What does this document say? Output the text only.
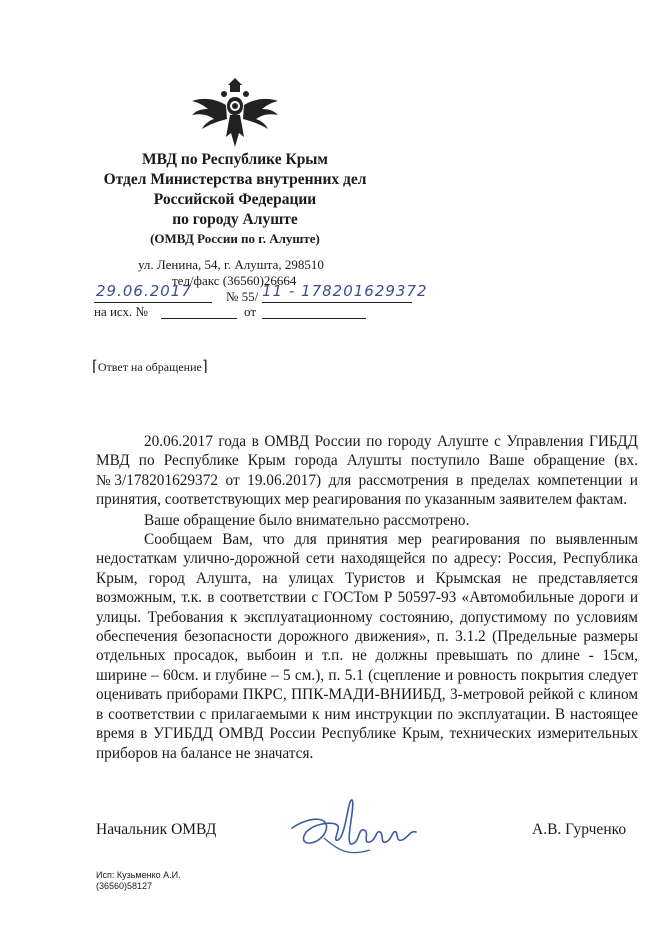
МВД по Республике Крым
Отдел Министерства внутренних дел
Российской Федерации
по городу Алуште
(ОМВД России по г. Алуште)
ул. Ленина, 54, г. Алушта, 298510
тел/факс (36560)26664
29.06.2017	№ 55/ 11 - 178201629372
на исх. №	от
⌈Ответ на обращение⌉

20.06.2017 года в ОМВД России по городу Алуште с Управления ГИБДД МВД по Республике Крым города Алушты поступило Ваше обращение (вх. №3/178201629372 от 19.06.2017) для рассмотрения в пределах компетенции и принятия, соответствующих мер реагирования по указанным заявителем фактам.

Ваше обращение было внимательно рассмотрено.

Сообщаем Вам, что для принятия мер реагирования по выявленным недостаткам улично-дорожной сети находящейся по адресу: Россия, Республика Крым, город Алушта, на улицах Туристов и Крымская не представляется возможным, т.к. в соответствии с ГОСТом Р 50597-93 «Автомобильные дороги и улицы. Требования к эксплуатационному состоянию, допустимому по условиям обеспечения безопасности дорожного движения», п. 3.1.2 (Предельные размеры отдельных просадок, выбоин и т.п. не должны превышать по длине - 15см, ширине – 60см. и глубине – 5 см.), п. 5.1 (сцепление и ровность покрытия следует оценивать приборами ПКРС, ППК-МАДИ-ВНИИБД, 3-метровой рейкой с клином в соответствии с прилагаемыми к ним инструкции по эксплуатации. В настоящее время в УГИБДД ОМВД России Республике Крым, технических измерительных приборов на балансе не значатся.

Начальник ОМВД	А.В. Гурченко
Исп: Кузьменко А.И.
(36560)58127
